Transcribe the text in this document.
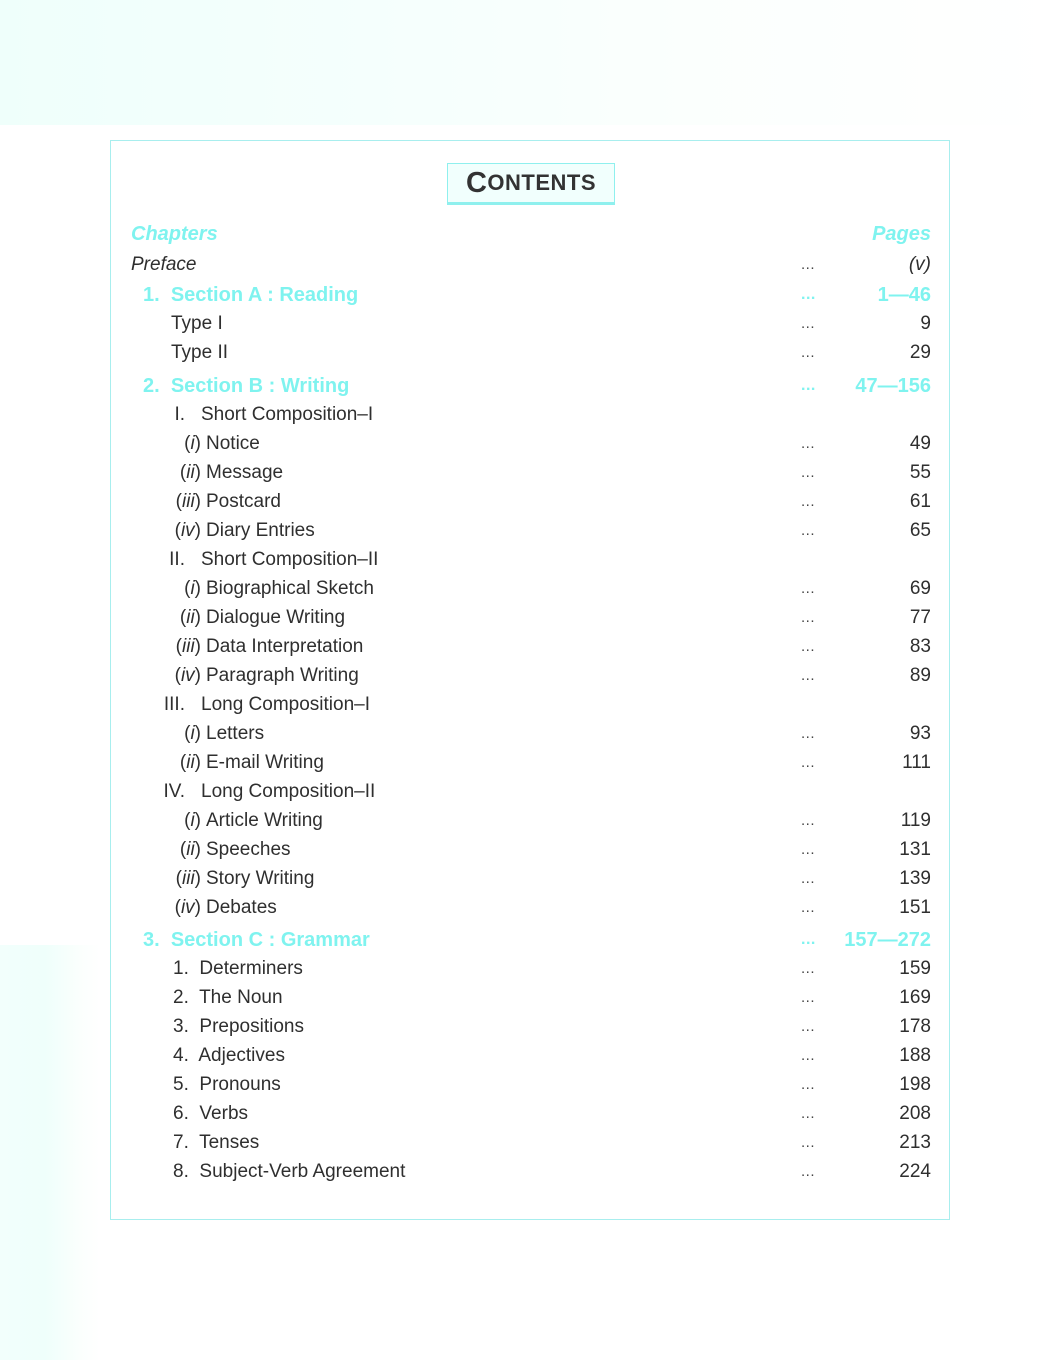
C ONTENTS
Chapters	Pages
Preface	...	(v)
1. Section A : Reading	...	1—46
Type I	...	9
Type II	...	29
2. Section B : Writing	...	47—156
I. Short Composition–I
(i) Notice	...	49
(ii) Message	...	55
(iii) Postcard	...	61
(iv) Diary Entries	...	65
II. Short Composition–II
(i) Biographical Sketch	...	69
(ii) Dialogue Writing	...	77
(iii) Data Interpretation	...	83
(iv) Paragraph Writing	...	89
III. Long Composition–I
(i) Letters	...	93
(ii) E-mail Writing	...	111
IV. Long Composition–II
(i) Article Writing	...	119
(ii) Speeches	...	131
(iii) Story Writing	...	139
(iv) Debates	...	151
3. Section C : Grammar	...	157—272
1. Determiners	...	159
2. The Noun	...	169
3. Prepositions	...	178
4. Adjectives	...	188
5. Pronouns	...	198
6. Verbs	...	208
7. Tenses	...	213
8. Subject-Verb Agreement	...	224
